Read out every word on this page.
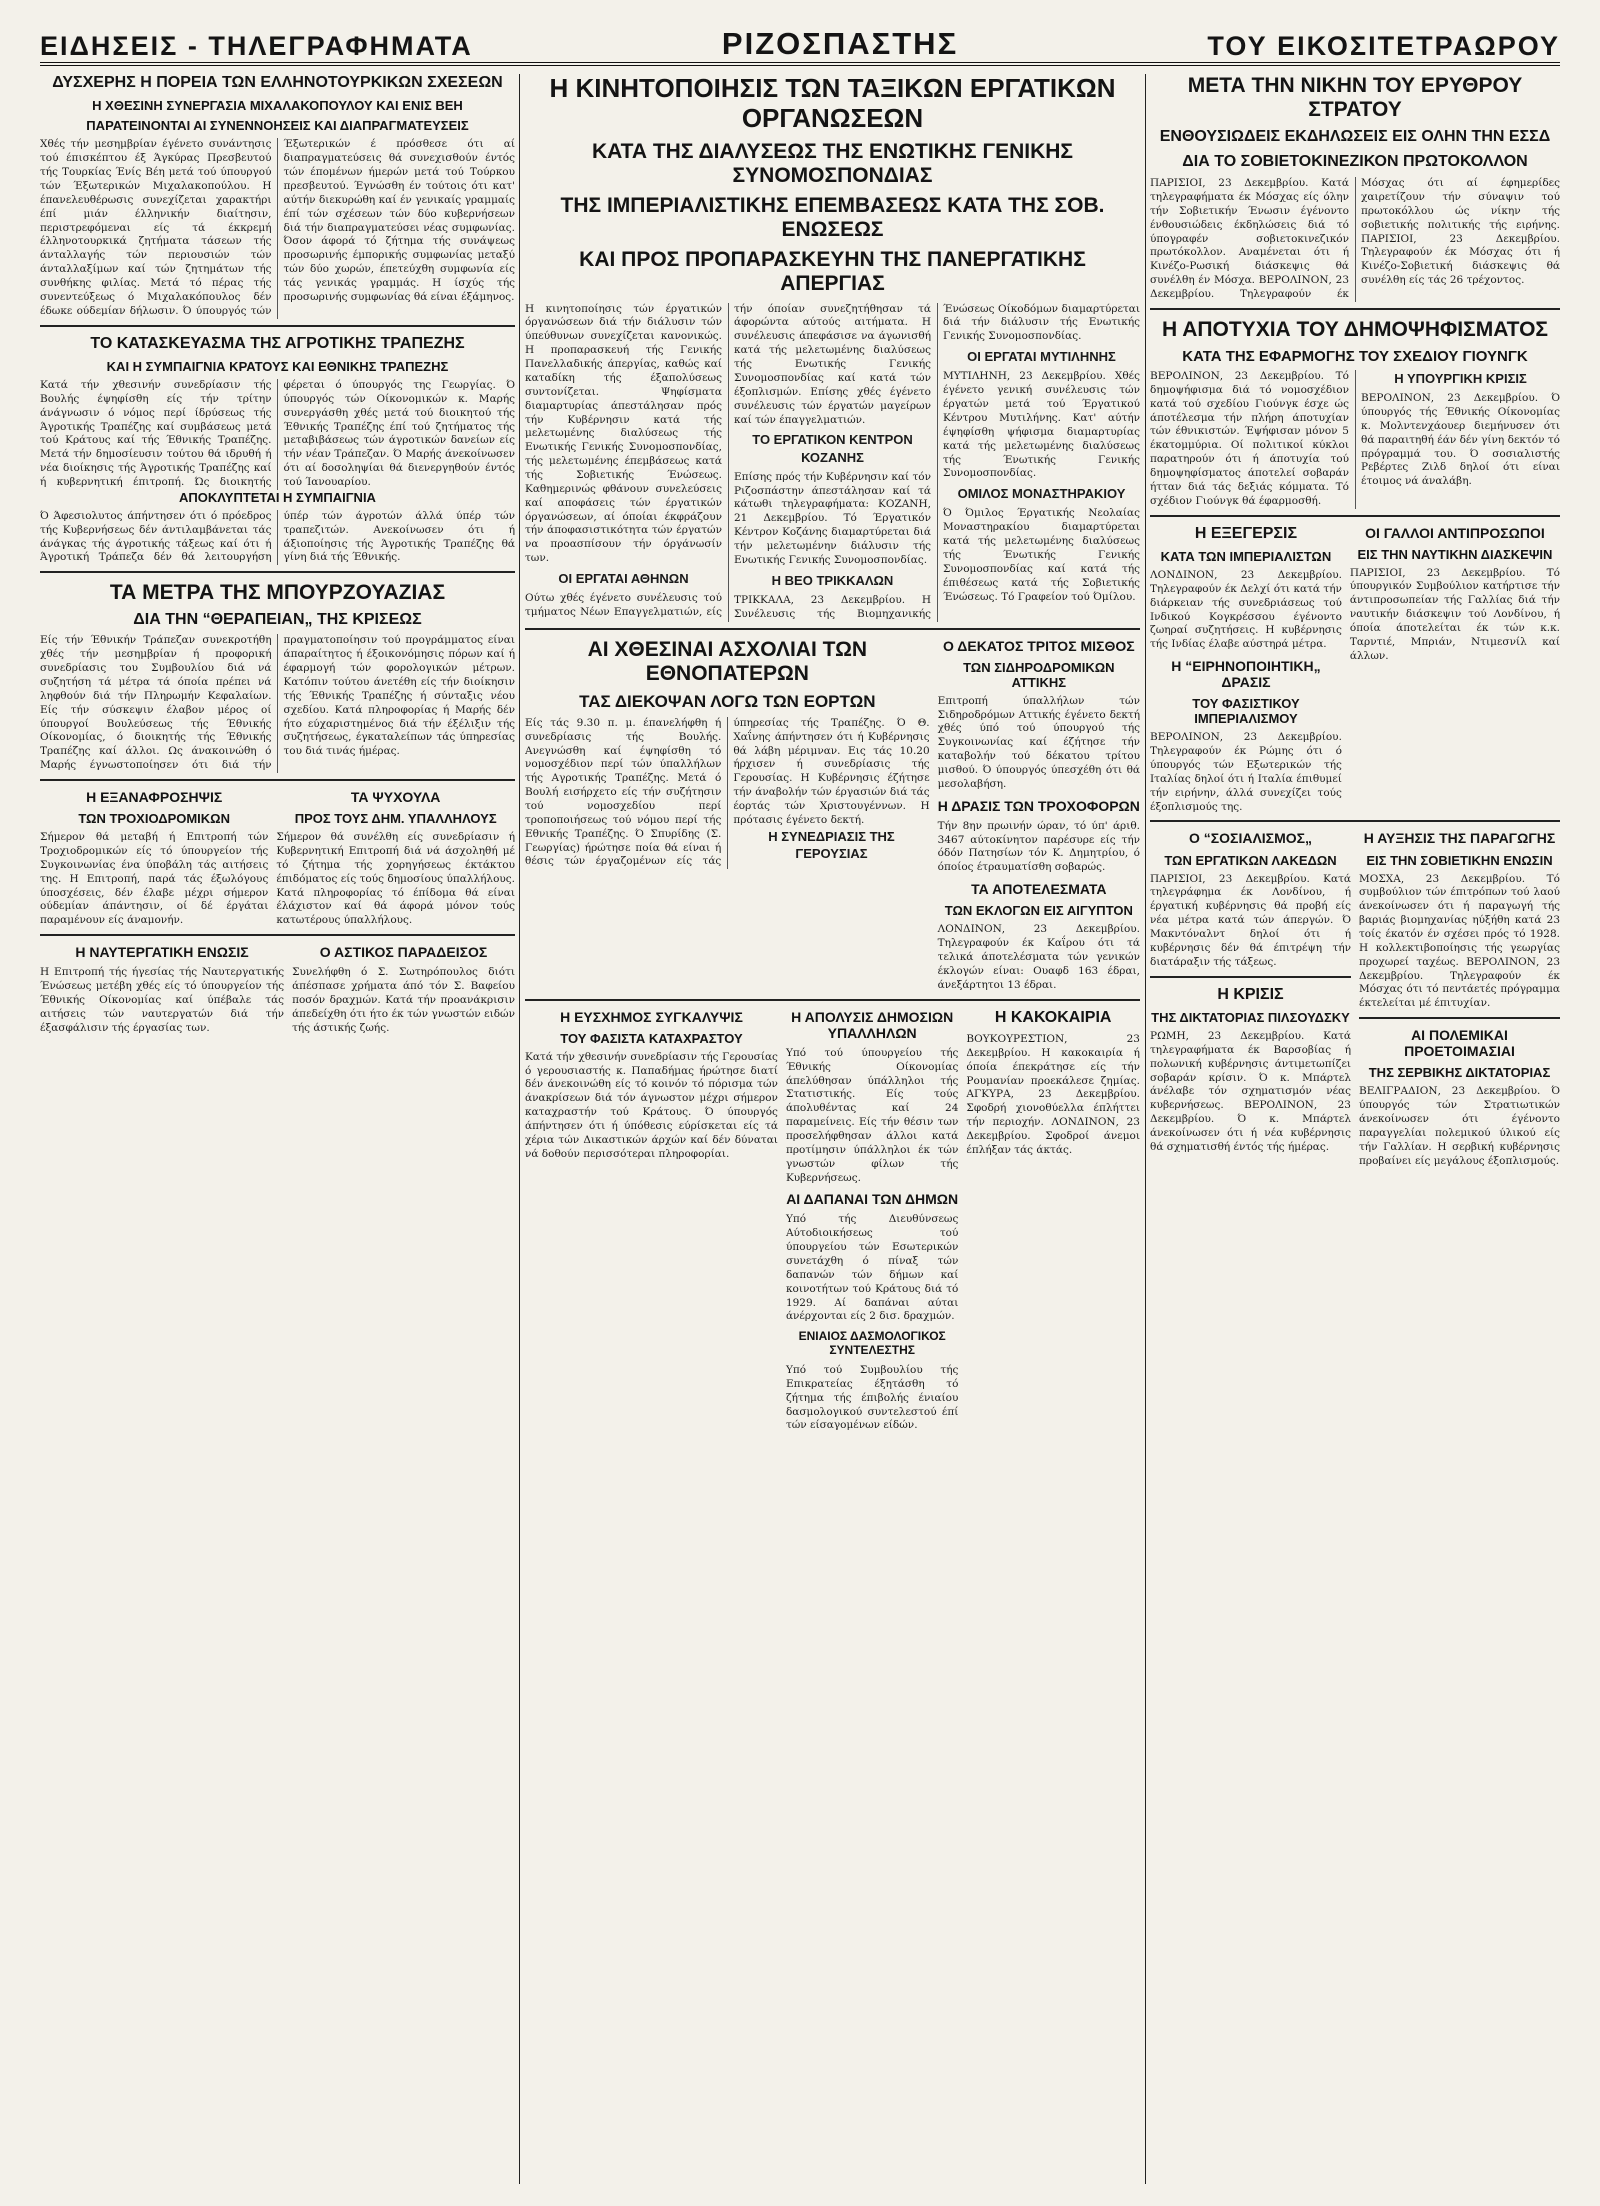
ΕΙΔΗΣΕΙΣ - ΤΗΛΕΓΡΑΦΗΜΑΤΑ	ΡΙΖΟΣΠΑΣΤΗΣ	ΤΟΥ ΕΙΚΟΣΙΤΕΤΡΑΩΡΟΥ
ΔΥΣΧΕΡΗΣ Η ΠΟΡΕΙΑ ΤΩΝ ΕΛΛΗΝΟΤΟΥΡΚΙΚΩΝ ΣΧΕΣΕΩΝ
Η ΧΘΕΣΙΝΗ ΣΥΝΕΡΓΑΣΙΑ ΜΙΧΑΛΑΚΟΠΟΥΛΟΥ ΚΑΙ ΕΝΙΣ ΒΕΗ
ΠΑΡΑΤΕΙΝΟΝΤΑΙ ΑΙ ΣΥΝΕΝΝΟΗΣΕΙΣ ΚΑΙ ΔΙΑΠΡΑΓΜΑΤΕΥΣΕΙΣ

Χθές τήν μεσημβρίαν έγένετο συνάντησις τού έπισκέπτου έξ Άγκύρας Πρεσβευτού τής Τουρκίας Ένίς Βέη μετά τού ύπουργού τών Έξωτερικών Μιχαλακοπούλου. Η έπανελευθέρωσις συνεχίζεται χαρακτήρι έπί μιάν έλληνικήν διαίτησιν, περιστρεφόμεναι είς τά έκκρεμή έλληνοτουρκικά ζητήματα τάσεων τής άνταλλαγής τών περιουσιών τών άνταλλαξίμων καί τών ζητημάτων τής συνθήκης φιλίας. Μετά τό πέρας τής συνεντεύξεως ό Μιχαλακόπουλος δέν έδωκε ούδεμίαν δήλωσιν. Ό ύπουργός τών Έξωτερικών έ πρόσθεσε ότι αί διαπραγματεύσεις θά συνεχισθούν έντός τών έπομένων ήμερών μετά τού Τούρκου πρεσβευτού. Έγνώσθη έν τούτοις ότι κατ' αύτήν διεκυρώθη καί έν γενικαίς γραμμαίς έπί τών σχέσεων τών δύο κυβερνήσεων διά τήν διαπραγματεύσει νέας συμφωνίας. Όσον άφορά τό ζήτημα τής συνάψεως προσωρινής έμπορικής συμφωνίας μεταξύ τών δύο χωρών, έπετεύχθη συμφωνία είς τάς γενικάς γραμμάς. Η ίσχύς τής προσωρινής συμφωνίας θά είναι έξάμηνος.

ΤΟ ΚΑΤΑΣΚΕΥΑΣΜΑ ΤΗΣ ΑΓΡΟΤΙΚΗΣ ΤΡΑΠΕΖΗΣ
ΚΑΙ Η ΣΥΜΠΑΙΓΝΙΑ ΚΡΑΤΟΥΣ ΚΑΙ ΕΘΝΙΚΗΣ ΤΡΑΠΕΖΗΣ

Κατά τήν χθεσινήν συνεδρίασιν τής Βουλής έψηφίσθη είς τήν τρίτην άνάγνωσιν ό νόμος περί ίδρύσεως τής Άγροτικής Τραπέζης καί συμβάσεως μετά τού Κράτους καί τής Έθνικής Τραπέζης. Μετά τήν δημοσίευσιν τούτου θά ιδρυθή ή νέα διοίκησις τής Άγροτικής Τραπέζης καί ή κυβερνητική έπιτροπή. Ώς διοικητής φέρεται ό ύπουργός της Γεωργίας. Ό ύπουργός τών Οίκονομικών κ. Μαρής συνεργάσθη χθές μετά τού διοικητού τής Έθνικής Τραπέζης έπί τού ζητήματος τής μεταβιβάσεως τών άγροτικών δανείων είς τήν νέαν Τράπεζαν. Ό Μαρής άνεκοίνωσεν ότι αί δοσοληψίαι θά διενεργηθούν έντός τού Ίανουαρίου.

ΑΠΟΚΛΥΠΤΕΤΑΙ Η ΣΥΜΠΑΙΓΝΙΑ

Ό Άφεσιολυτος άπήντησεν ότι ό πρόεδρος τής Κυβερνήσεως δέν άντιλαμβάνεται τάς άνάγκας τής άγροτικής τάξεως καί ότι ή Άγροτική Τράπεζα δέν θά λειτουργήση ύπέρ τών άγροτών άλλά ύπέρ τών τραπεζιτών. Ανεκοίνωσεν ότι ή άξιοποίησις τής Άγροτικής Τραπέζης θά γίνη διά τής Έθνικής.

ΤΑ ΜΕΤΡΑ ΤΗΣ ΜΠΟΥΡΖΟΥΑΖΙΑΣ
ΔΙΑ ΤΗΝ “ΘΕΡΑΠΕΙΑΝ„ ΤΗΣ ΚΡΙΣΕΩΣ

Είς τήν Έθνικήν Τράπεζαν συνεκροτήθη χθές τήν μεσημβρίαν ή προφορική συνεδρίασις του Συμβουλίου διά νά συζητήση τά μέτρα τά όποία πρέπει νά ληφθούν διά τήν Πληρωμήν Κεφαλαίων. Είς τήν σύσκεψιν έλαβον μέρος οί ύπουργοί Βουλεύσεως τής Έθνικής Οίκονομίας, ό διοικητής τής Έθνικής Τραπέζης καί άλλοι. Ως άνακοινώθη ό Μαρής έγνωστοποίησεν ότι διά τήν πραγματοποίησιν τού προγράμματος είναι άπαραίτητος ή έξοικονόμησις πόρων καί ή έφαρμογή τών φορολογικών μέτρων. Κατόπιν τούτου άνετέθη είς τήν διοίκησιν τής Έθνικής Τραπέζης ή σύνταξις νέου σχεδίου. Κατά πληροφορίας ή Μαρής δέν ήτο εύχαριστημένος διά τήν έξέλιξιν τής συζητήσεως, έγκαταλείπων τάς ύπηρεσίας του διά τινάς ήμέρας.

Η ΕΞΑΝΑΦΡΟΣΗΨΙΣ
ΤΩΝ ΤΡΟΧΙΟΔΡΟΜΙΚΩΝ

Σήμερον θά μεταβή ή Επιτροπή τών Τροχιοδρομικών είς τό ύπουργείον τής Συγκοινωνίας ένα ύποβάλη τάς αιτήσεις της. Η Επιτροπή, παρά τάς έξωλόγους ύποσχέσεις, δέν έλαβε μέχρι σήμερον ούδεμίαν άπάντησιν, οί δέ έργάται παραμένουν είς άναμονήν.

ΤΑ ΨΥΧΟΥΛΑ
ΠΡΟΣ ΤΟΥΣ ΔΗΜ. ΥΠΑΛΛΗΛΟΥΣ

Σήμερον θά συνέλθη είς συνεδρίασιν ή Κυβερνητική Επιτροπή διά νά άσχοληθή μέ τό ζήτημα τής χορηγήσεως έκτάκτου έπιδόματος είς τούς δημοσίους ύπαλλήλους. Κατά πληροφορίας τό έπίδομα θά είναι έλάχιστον καί θά άφορά μόνον τούς κατωτέρους ύπαλλήλους.

Η ΝΑΥΤΕΡΓΑΤΙΚΗ ΕΝΩΣΙΣ

Η Επιτροπή τής ήγεσίας τής Ναυτεργατικής Ένώσεως μετέβη χθές είς τό ύπουργείον τής Έθνικής Οίκονομίας καί ύπέβαλε τάς αιτήσεις τών ναυτεργατών διά τήν έξασφάλισιν τής έργασίας των.

Ο ΑΣΤΙΚΟΣ ΠΑΡΑΔΕΙΣΟΣ

Συνελήφθη ό Σ. Σωτηρόπουλος διότι άπέσπασε χρήματα άπό τόν Σ. Βαφείου ποσόν δραχμών. Κατά τήν προανάκρισιν άπεδείχθη ότι ήτο έκ τών γνωστών ειδών τής άστικής ζωής.

Η ΚΙΝΗΤΟΠΟΙΗΣΙΣ ΤΩΝ ΤΑΞΙΚΩΝ ΕΡΓΑΤΙΚΩΝ ΟΡΓΑΝΩΣΕΩΝ
ΚΑΤΑ ΤΗΣ ΔΙΑΛΥΣΕΩΣ ΤΗΣ ΕΝΩΤΙΚΗΣ ΓΕΝΙΚΗΣ ΣΥΝΟΜΟΣΠΟΝΔΙΑΣ
ΤΗΣ ΙΜΠΕΡΙΑΛΙΣΤΙΚΗΣ ΕΠΕΜΒΑΣΕΩΣ ΚΑΤΑ ΤΗΣ ΣΟΒ. ΕΝΩΣΕΩΣ
ΚΑΙ ΠΡΟΣ ΠΡΟΠΑΡΑΣΚΕΥΗΝ ΤΗΣ ΠΑΝΕΡΓΑΤΙΚΗΣ ΑΠΕΡΓΙΑΣ

Η κινητοποίησις τών έργατικών όργανώσεων διά τήν διάλυσιν τών ύπεύθυνων συνεχίζεται κανονικώς. Η προπαρασκευή τής Γενικής Πανελλαδικής άπεργίας, καθώς καί καταδίκη τής έξαπολύσεως συντονίζεται. Ψηφίσματα διαμαρτυρίας άπεστάλησαν πρός τήν Κυβέρνησιν κατά τής μελετωμένης διαλύσεως τής Ενωτικής Γενικής Συνομοσπονδίας, τής μελετωμένης έπεμβάσεως κατά τής Σοβιετικής Ένώσεως. Καθημερινώς φθάνουν συνελεύσεις καί αποφάσεις τών έργατικών όργανώσεων, αί όποίαι έκφράζουν τήν άποφασιστικότητα τών έργατών να προασπίσουν τήν όργάνωσίν των.

ΟΙ ΕΡΓΑΤΑΙ ΑΘΗΝΩΝ

Ούτω χθές έγένετο συνέλευσις τού τμήματος Νέων Επαγγελματιών, είς τήν όποίαν συνεζητήθησαν τά άφορώντα αύτούς αιτήματα. Η συνέλευσις άπεφάσισε να άγωνισθή κατά τής μελετωμένης διαλύσεως τής Ενωτικής Γενικής Συνομοσπονδίας καί κατά τών έξοπλισμών. Επίσης χθές έγένετο συνέλευσις τών έργατών μαγείρων καί τών έπαγγελματιών.

ΤΟ ΕΡΓΑΤΙΚΟΝ ΚΕΝΤΡΟΝ ΚΟΖΑΝΗΣ

Επίσης πρός τήν Κυβέρνησιν καί τόν Ριζοσπάστην άπεστάλησαν καί τά κάτωθι τηλεγραφήματα: ΚΟΖΑΝΗ, 21 Δεκεμβρίου. Τό Έργατικόν Κέντρον Κοζάνης διαμαρτύρεται διά τήν μελετωμένην διάλυσιν τής Ενωτικής Γενικής Συνομοσπονδίας.

Η ΒΕΟ ΤΡΙΚΚΑΛΩΝ

ΤΡΙΚΚΑΛΑ, 23 Δεκεμβρίου. Η Συνέλευσις τής Βιομηχανικής Ένώσεως Οίκοδόμων διαμαρτύρεται διά τήν διάλυσιν τής Ενωτικής Γενικής Συνομοσπονδίας.

ΟΙ ΕΡΓΑΤΑΙ ΜΥΤΙΛΗΝΗΣ

ΜΥΤΙΛΗΝΗ, 23 Δεκεμβρίου. Χθές έγένετο γενική συνέλευσις τών έργατών μετά τού Έργατικού Κέντρου Μυτιλήνης. Κατ' αύτήν έψηφίσθη ψήφισμα διαμαρτυρίας κατά τής μελετωμένης διαλύσεως τής Ένωτικής Γενικής Συνομοσπονδίας.

ΟΜΙΛΟΣ ΜΟΝΑΣΤΗΡΑΚΙΟΥ

Ό Όμιλος Έργατικής Νεολαίας Μοναστηρακίου διαμαρτύρεται κατά τής μελετωμένης διαλύσεως τής Ένωτικής Γενικής Συνομοσπονδίας καί κατά τής έπιθέσεως κατά τής Σοβιετικής Ένώσεως. Τό Γραφείον τού Όμίλου.

ΑΙ ΧΘΕΣΙΝΑΙ ΑΣΧΟΛΙΑΙ ΤΩΝ ΕΘΝΟΠΑΤΕΡΩΝ
ΤΑΣ ΔΙΕΚΟΨΑΝ ΛΟΓΩ ΤΩΝ ΕΟΡΤΩΝ

Είς τάς 9.30 π. μ. έπανελήφθη ή συνεδρίασις τής Βουλής. Ανεγνώσθη καί έψηφίσθη τό νομοσχέδιον περί τών ύπαλλήλων τής Αγροτικής Τραπέζης. Μετά ό Βουλή εισήρχετο είς τήν συζήτησιν τού νομοσχεδίου περί τροποποιήσεως τού νόμου περί τής Εθνικής Τραπέζης. Ό Σπυρίδης (Σ. Γεωργίας) ήρώτησε ποία θά είναι ή θέσις τών έργαζομένων είς τάς ύπηρεσίας τής Τραπέζης. Ό Θ. Χαΐνης άπήντησεν ότι ή Κυβέρνησις θά λάβη μέριμναν. Εις τάς 10.20 ήρχισεν ή συνεδρίασις τής Γερουσίας. Η Κυβέρνησις έζήτησε τήν άναβολήν τών έργασιών διά τάς έορτάς τών Χριστουγέννων. Η πρότασις έγένετο δεκτή.

Η ΣΥΝΕΔΡΙΑΣΙΣ ΤΗΣ ΓΕΡΟΥΣΙΑΣ
Ο ΔΕΚΑΤΟΣ ΤΡΙΤΟΣ ΜΙΣΘΟΣ
ΤΩΝ ΣΙΔΗΡΟΔΡΟΜΙΚΩΝ ΑΤΤΙΚΗΣ

Επιτροπή ύπαλλήλων τών Σιδηροδρόμων Αττικής έγένετο δεκτή χθές ύπό τού ύπουργού τής Συγκοινωνίας καί έζήτησε τήν καταβολήν τού δέκατου τρίτου μισθού. Ό ύπουργός ύπεσχέθη ότι θά μεσολαβήση.

Η ΔΡΑΣΙΣ ΤΩΝ ΤΡΟΧΟΦΟΡΩΝ

Τήν 8ην πρωινήν ώραν, τό ύπ' άριθ. 3467 αύτοκίνητον παρέσυρε είς τήν όδόν Πατησίων τόν Κ. Δημητρίου, ό όποίος έτραυματίσθη σοβαρώς.

ΤΑ ΑΠΟΤΕΛΕΣΜΑΤΑ
ΤΩΝ ΕΚΛΟΓΩΝ ΕΙΣ ΑΙΓΥΠΤΟΝ

ΛΟΝΔΙΝΟΝ, 23 Δεκεμβρίου. Τηλεγραφούν έκ Καΐρου ότι τά τελικά άποτελέσματα τών γενικών έκλογών είναι: Ουαφδ 163 έδραι, άνεξάρτητοι 13 έδραι.

Η ΕΥΣΧΗΜΟΣ ΣΥΓΚΑΛΥΨΙΣ
ΤΟΥ ΦΑΣΙΣΤΑ ΚΑΤΑΧΡΑΣΤΟΥ

Κατά τήν χθεσινήν συνεδρίασιν τής Γερουσίας ό γερουσιαστής κ. Παπαδήμας ήρώτησε διατί δέν άνεκοινώθη είς τό κοινόν τό πόρισμα τών άνακρίσεων διά τόν άγνωστον μέχρι σήμερον καταχραστήν τού Κράτους. Ό ύπουργός άπήντησεν ότι ή ύπόθεσις εύρίσκεται είς τά χέρια τών Δικαστικών άρχών καί δέν δύναται νά δοθούν περισσότεραι πληροφορίαι.

Η ΑΠΟΛΥΣΙΣ ΔΗΜΟΣΙΩΝ ΥΠΑΛΛΗΛΩΝ

Υπό τού ύπουργείου τής Έθνικής Οίκονομίας άπελύθησαν ύπάλληλοι τής Στατιστικής. Είς τούς άπολυθέντας καί 24 παραμείνεις. Είς τήν θέσιν των προσελήφθησαν άλλοι κατά προτίμησιν ύπάλληλοι έκ τών γνωστών φίλων τής Κυβερνήσεως.

ΑΙ ΔΑΠΑΝΑΙ ΤΩΝ ΔΗΜΩΝ

Υπό τής Διευθύνσεως Αύτοδιοικήσεως τού ύπουργείου τών Εσωτερικών συνετάχθη ό πίναξ τών δαπανών τών δήμων καί κοινοτήτων τού Κράτους διά τό 1929. Αί δαπάναι αύται άνέρχονται είς 2 δισ. δραχμών.

ΕΝΙΑΙΟΣ ΔΑΣΜΟΛΟΓΙΚΟΣ ΣΥΝΤΕΛΕΣΤΗΣ

Υπό τού Συμβουλίου τής Επικρατείας έξητάσθη τό ζήτημα τής έπιβολής ένιαίου δασμολογικού συντελεστού έπί τών είσαγομένων είδών.

Η ΚΑΚΟΚΑΙΡΙΑ

ΒΟΥΚΟΥΡΕΣΤΙΟΝ, 23 Δεκεμβρίου. Η κακοκαιρία ή όποία έπεκράτησε είς τήν Ρουμανίαν προεκάλεσε ζημίας. ΑΓΚΥΡΑ, 23 Δεκεμβρίου. Σφοδρή χιονοθύελλα έπλήττει τήν περιοχήν. ΛΟΝΔΙΝΟΝ, 23 Δεκεμβρίου. Σφοδροί άνεμοι έπλήξαν τάς άκτάς.

ΜΕΤΑ ΤΗΝ ΝΙΚΗΝ ΤΟΥ ΕΡΥΘΡΟΥ ΣΤΡΑΤΟΥ
ΕΝΘΟΥΣΙΩΔΕΙΣ ΕΚΔΗΛΩΣΕΙΣ ΕΙΣ ΟΛΗΝ ΤΗΝ ΕΣΣΔ
ΔΙΑ ΤΟ ΣΟΒΙΕΤΟΚΙΝΕΖΙΚΟΝ ΠΡΩΤΟΚΟΛΛΟΝ

ΠΑΡΙΣΙΟΙ, 23 Δεκεμβρίου. Κατά τηλεγραφήματα έκ Μόσχας είς όλην τήν Σοβιετικήν Ένωσιν έγένοντο ένθουσιώδεις έκδηλώσεις διά τό ύπογραφέν σοβιετοκινεζικόν πρωτόκολλον. Αναμένεται ότι ή Κινέζο-Ρωσική διάσκεψις θά συνέλθη έν Μόσχα. ΒΕΡΟΛΙΝΟΝ, 23 Δεκεμβρίου. Τηλεγραφούν έκ Μόσχας ότι αί έφημερίδες χαιρετίζουν τήν σύναψιν τού πρωτοκόλλου ώς νίκην τής σοβιετικής πολιτικής τής ειρήνης. ΠΑΡΙΣΙΟΙ, 23 Δεκεμβρίου. Τηλεγραφούν έκ Μόσχας ότι ή Κινέζο-Σοβιετική διάσκεψις θά συνέλθη είς τάς 26 τρέχοντος.

Η ΑΠΟΤΥΧΙΑ ΤΟΥ ΔΗΜΟΨΗΦΙΣΜΑΤΟΣ
ΚΑΤΑ ΤΗΣ ΕΦΑΡΜΟΓΗΣ ΤΟΥ ΣΧΕΔΙΟΥ ΓΙΟΥΝΓΚ

ΒΕΡΟΛΙΝΟΝ, 23 Δεκεμβρίου. Τό δημοψήφισμα διά τό νομοσχέδιον κατά τού σχεδίου Γιούνγκ έσχε ώς άποτέλεσμα τήν πλήρη άποτυχίαν τών έθνικιστών. Έψήφισαν μόνον 5 έκατομμύρια. Οί πολιτικοί κύκλοι παρατηρούν ότι ή άποτυχία τού δημοψηφίσματος άποτελεί σοβαράν ήτταν διά τάς δεξιάς κόμματα. Τό σχέδιον Γιούνγκ θά έφαρμοσθή.

Η ΥΠΟΥΡΓΙΚΗ ΚΡΙΣΙΣ

ΒΕΡΟΛΙΝΟΝ, 23 Δεκεμβρίου. Ό ύπουργός τής Έθνικής Οίκονομίας κ. Μολντενχάουερ διεμήνυσεν ότι θά παραιτηθή έάν δέν γίνη δεκτόν τό πρόγραμμά του. Ό σοσιαλιστής Ρεβέρτες Ζιλδ δηλοί ότι είναι έτοιμος νά άναλάβη.

Η ΕΞΕΓΕΡΣΙΣ
ΚΑΤΑ ΤΩΝ ΙΜΠΕΡΙΑΛΙΣΤΩΝ

ΛΟΝΔΙΝΟΝ, 23 Δεκεμβρίου. Τηλεγραφούν έκ Δελχί ότι κατά τήν διάρκειαν τής συνεδριάσεως τού Ινδικού Κογκρέσσου έγένοντο ζωηραί συζητήσεις. Η κυβέρνησις τής Ινδίας έλαβε αύστηρά μέτρα.

Η “ΕΙΡΗΝΟΠΟΙΗΤΙΚΗ„ ΔΡΑΣΙΣ
ΤΟΥ ΦΑΣΙΣΤΙΚΟΥ ΙΜΠΕΡΙΑΛΙΣΜΟΥ

ΒΕΡΟΛΙΝΟΝ, 23 Δεκεμβρίου. Τηλεγραφούν έκ Ρώμης ότι ό ύπουργός τών Εξωτερικών τής Ιταλίας δηλοί ότι ή Ιταλία έπιθυμεί τήν ειρήνην, άλλά συνεχίζει τούς έξοπλισμούς της.

ΟΙ ΓΑΛΛΟΙ ΑΝΤΙΠΡΟΣΩΠΟΙ
ΕΙΣ ΤΗΝ ΝΑΥΤΙΚΗΝ ΔΙΑΣΚΕΨΙΝ

ΠΑΡΙΣΙΟΙ, 23 Δεκεμβρίου. Τό ύπουργικόν Συμβούλιον κατήρτισε τήν άντιπροσωπείαν τής Γαλλίας διά τήν ναυτικήν διάσκεψιν τού Λονδίνου, ή όποία άποτελείται έκ τών κ.κ. Ταρντιέ, Μπριάν, Ντιμεσνίλ καί άλλων.

Ο “ΣΟΣΙΑΛΙΣΜΟΣ„
ΤΩΝ ΕΡΓΑΤΙΚΩΝ ΛΑΚΕΔΩΝ

ΠΑΡΙΣΙΟΙ, 23 Δεκεμβρίου. Κατά τηλεγράφημα έκ Λονδίνου, ή έργατική κυβέρνησις θά προβή είς νέα μέτρα κατά τών άπεργών. Ό Μακντόναλντ δηλοί ότι ή κυβέρνησις δέν θά έπιτρέψη τήν διατάραξιν τής τάξεως.

Η ΚΡΙΣΙΣ
ΤΗΣ ΔΙΚΤΑΤΟΡΙΑΣ ΠΙΛΣΟΥΔΣΚΥ

ΡΩΜΗ, 23 Δεκεμβρίου. Κατά τηλεγραφήματα έκ Βαρσοβίας ή πολωνική κυβέρνησις άντιμετωπίζει σοβαράν κρίσιν. Ό κ. Μπάρτελ άνέλαβε τόν σχηματισμόν νέας κυβερνήσεως. ΒΕΡΟΛΙΝΟΝ, 23 Δεκεμβρίου. Ό κ. Μπάρτελ άνεκοίνωσεν ότι ή νέα κυβέρνησις θά σχηματισθή έντός τής ήμέρας.

Η ΑΥΞΗΣΙΣ ΤΗΣ ΠΑΡΑΓΩΓΗΣ
ΕΙΣ ΤΗΝ ΣΟΒΙΕΤΙΚΗΝ ΕΝΩΣΙΝ

ΜΟΣΧΑ, 23 Δεκεμβρίου. Τό συμβούλιον τών έπιτρόπων τού λαού άνεκοίνωσεν ότι ή παραγωγή τής βαριάς βιομηχανίας ηύξήθη κατά 23 τοίς έκατόν έν σχέσει πρός τό 1928. Η κολλεκτιβοποίησις τής γεωργίας προχωρεί ταχέως. ΒΕΡΟΛΙΝΟΝ, 23 Δεκεμβρίου. Τηλεγραφούν έκ Μόσχας ότι τό πεντάετές πρόγραμμα έκτελείται μέ έπιτυχίαν.

ΑΙ ΠΟΛΕΜΙΚΑΙ ΠΡΟΕΤΟΙΜΑΣΙΑΙ
ΤΗΣ ΣΕΡΒΙΚΗΣ ΔΙΚΤΑΤΟΡΙΑΣ

ΒΕΛΙΓΡΑΔΙΟΝ, 23 Δεκεμβρίου. Ό ύπουργός τών Στρατιωτικών άνεκοίνωσεν ότι έγένοντο παραγγελίαι πολεμικού ύλικού είς τήν Γαλλίαν. Η σερβική κυβέρνησις προβαίνει είς μεγάλους έξοπλισμούς.
